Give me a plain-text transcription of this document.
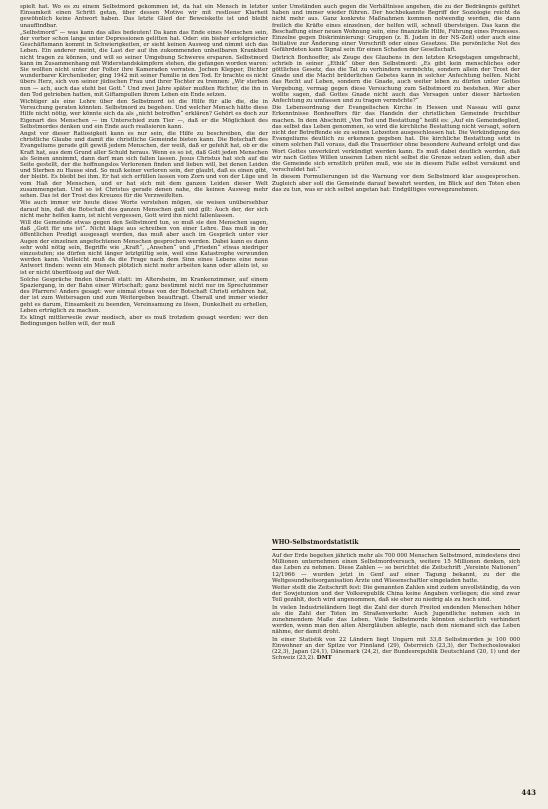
spielt hat. Wo es zu einem Selbstmord gekommen ist, da hat ein Mensch in letzter Einsamkeit einen Schritt getan, über dessen Motive wir mit restloser Klarheit gewöhnlich keine Antwort haben. Das letzte Glied der Beweiskette ist und bleibt unauffindbar.

„Selbstmord“ — was kann das alles bedeuten! Da kann das Ende eines Menschen sein, der vorher schon lange unter Depressionen gelitten hat. Oder: ein bisher erfolgreicher Geschäftsmann kommt in Schwierigkeiten, er sieht keinen Ausweg und nimmt sich das Leben. Ein anderer meint, die Last der auf ihn zukommenden unheilbaren Krankheit nicht tragen zu können, und will so seiner Umgebung Schweres ersparen. Selbstmord kann im Zusammenhang mit Widerstandskämpfern stehen, die gefangen worden waren: Sie wollten nicht unter der Folter ihre Kameraden verraten. Jochen Klepper, Dichter wunderbarer Kirchenlieder, ging 1942 mit seiner Familie in den Tod. Er brachte es nicht übers Herz, sich von seiner jüdischen Frau und ihrer Tochter zu trennen: „Wir sterben nun — ach, auch das steht bei Gott.“ Und zwei Jahre später mußten Richter, die ihn in den Tod getrieben hatten, mit Giftampullen ihrem Leben ein Ende setzen.

Wichtiger als eine Lehre über den Selbstmord ist die Hilfe für alle die, die in Versuchung geraten könnten. Selbstmord zu begehen. Und welcher Mensch hätte diese Hilfe nicht nötig, wer könnte sich da als „nicht betroffen“ erklären? Gehört es doch zur Eigenart des Menschen — im Unterschied zum Tier —, daß er die Möglichkeit des Selbstmordes denken und ein Ende auch realisieren kann.

Angst vor dieser Ratlosigkeit kann es nur sein, die Hilfe zu beschreiben, die der christliche Glaube und damit die christliche Gemeinde bieten kann. Die Botschaft des Evangeliums gerade gilt gewiß jedem Menschen, der weiß, daß er gefehlt hat, ob er die Kraft hat, aus dem Grund aller Schuld heraus. Wenn es so ist, daß Gott jeden Menschen als Seinen annimmt, dann darf man sich fallen lassen. Jesus Christus hat sich auf die Seite gestellt, der die hoffnungslos Verlorenen finden und lieben will, bei denen Leiden und Sterben zu Hause sind. So muß keiner verloren sein, der glaubt, daß es einen gibt, der bleibt. Es bleibt bei ihm. Er hat sich erfüllen lassen vom Zorn und von der Lüge und vom Haß der Menschen, und er hat sich mit dem ganzen Leiden dieser Welt zusammengetan. Und so ist Christus gerade denen nahe, die keinen Ausweg mehr sehen. Das ist der Trost des Kreuzes für die Verzweifelten.

Wie auch immer wir heute diese Worte verstehen mögen, sie weisen unübersehbar darauf hin, daß die Botschaft des ganzen Menschen galt und gilt: Auch der, der sich nicht mehr helfen kann, ist nicht vergessen, Gott wird ihn nicht fallenlassen.

Will die Gemeinde etwas gegen den Selbstmord tun, so muß sie den Menschen sagen, daß „Gott für uns ist“. Nicht klage aus schreiben von einer Lehre. Das muß in der öffentlichen Predigt ausgesagt werden, das muß aber auch im Gespräch unter vier Augen der einzelnen angefochtenen Menschen gesprochen werden. Dabei kann es dann sehr wohl nötig sein, Begriffe wie „Kraft“, „Ansehen“ und „Frieden“ etwas niedriger einzustufen; sie dürfen nicht länger letztgültig sein, weil eine Katastrophe verwunden werden kann. Vielleicht muß da die Frage nach dem Sinn eines Lebens eine neue Antwort finden: wenn ein Mensch plötzlich nicht mehr arbeiten kann oder allein ist, so ist er nicht überflüssig auf der Welt.

Solche Gespräche finden überall statt: im Altersheim, im Krankenzimmer, auf einem Spaziergang, in der Bahn einer Wirtschaft; ganz bestimmt nicht nur im Sprechzimmer des Pfarrers! Anders gesagt: wer einmal etwas von der Botschaft Christi erfahren hat, der ist zum Weitersagen und zum Weitergeben beauftragt. Überall und immer wieder geht es darum, Einsamkeit zu beenden, Vereinsamung zu lösen, Dunkelheit zu erhellen, Leben erträglich zu machen.

Es klingt mittlerweile zwar modisch, aber es muß trotzdem gesagt werden: wer den Bedingungen helfen will, der muß

unter Umständen auch gegen die Verhältnisse angehen, die zu der Bedrängnis geführt haben und immer wieder führen. Der hochbekannte Begriff der Soziologie reicht da nicht mehr aus. Ganz konkrete Maßnahmen kommen notwendig werden, die dann freilich die Kräfte eines einzelnen, der helfen will, schnell übersteigen. Das kann die Beschaffung einer neuen Wohnung sein, eine finanzielle Hilfe, Führung eines Prozesses. Einzelne gegen Diskriminierung: Gruppen (z. B. Juden in der NS-Zeit) oder auch eine Initiative zur Änderung einer Vorschrift oder eines Gesetzes. Die persönliche Not des Gefährdeten kann Signal sein für einen Schaden der Gesellschaft.

Dietrich Bonhoeffer, als Zeuge des Glaubens in den letzten Kriegstagen umgebracht, schrieb in seiner „Ethik“ über den Selbstmord: „Es gibt kein menschliches oder göttliches Gesetz, das die Tat zu verhindern vermöchte, sondern allein der Trost der Gnade und die Macht brüderlichen Gebetes kann in solcher Anfechtung helfen. Nicht das Recht auf Leben, sondern die Gnade, auch weiter leben zu dürfen unter Gottes Vergebung, vermag gegen diese Versuchung zum Selbstmord zu bestehen. Wer aber wollte sagen, daß Gottes Gnade nicht auch das Versagen unter dieser härtesten Anfechtung zu umfassen und zu tragen vermöchte?“

Die Lebensordnung der Evangelischen Kirche in Hessen und Nassau will ganz Erkenntnisse Bonhoeffers für das Handeln der christlichen Gemeinde fruchtbar machen. In dem Abschnitt „Von Tod und Bestattung“ heißt es: „Auf ein Gemeindeglied, das selbst das Leben genommen, so wird die kirchliche Bestattung nicht versagt, sofern nicht der Betreffende sie zu seinen Lebzeiten ausgeschlossen hat. Die Verkündigung des Evangeliums deutlich zu erkennen gegeben hat. Die kirchliche Bestattung setzt in einem solchen Fall voraus, daß die Trauerfeier ohne besondere Aufwand erfolgt und das Wort Gottes unverkürzt verkündigt werden kann. Es muß dabei deutlich werden, daß wir nach Gottes Willen unseren Leben nicht selbst die Grenze setzen sollen, daß aber die Gemeinde sich ernstlich prüfen muß, wie sie in diesem Falle selbst versäumt und verschuldet hat.“

In diesem Formulierungen ist die Warnung vor dem Selbstmord klar ausgesprochen. Zugleich aber soll die Gemeinde darauf bewahrt werden, im Blick auf den Toten eben das zu tun, was er sich selbst angetan hat: Endgültiges vorwegzunehmen.

WHO-Selbstmordstatistik

Auf der Erde begehen jährlich mehr als 700 000 Menschen Selbstmord, mindestens drei Millionen unternehmen einen Selbstmordversuch, weitere 15 Millionen denken, sich das Leben zu nehmen. Diese Zahlen — so berichtet die Zeitschrift „Vereinte Nationen“ 12/1966 — wurden jetzt in Genf auf einer Tagung bekannt, zu der die Weltgesundheitsorganisation Ärzte und Wissenschaftler eingeladen hatte.

Weiter stellt die Zeitschrift fest: Die genannten Zahlen sind zudem unvollständig, da von der Sowjetunion und der Volksrepublik China keine Angaben vorliegen; die sind zwar Teil gezählt, doch wird angenommen, daß sie eher zu niedrig als zu hoch sind.

In vielen Industrieländern liegt die Zahl der durch Freitod endenden Menschen höher als die Zahl der Toten im Straßenverkehr. Auch Jugendliche nehmen sich in zunehmendem Maße das Leben. Viele Selbstmorde könnten sicherlich verhindert werden, wenn man den alten Abergläuben ablegte, nach dem niemand sich das Leben nähme, der damit droht.

In einer Statistik von 22 Ländern liegt Ungarn mit 33,8 Selbstmorden je 100 000 Einwohner an der Spitze vor Finnland (29), Österreich (23,3), der Tschechoslowakei (22,3), Japan (24,1), Dänemark (24,2), der Bundesrepublik Deutschland (20, 1) und der Schweiz (23,2). DMT

443
